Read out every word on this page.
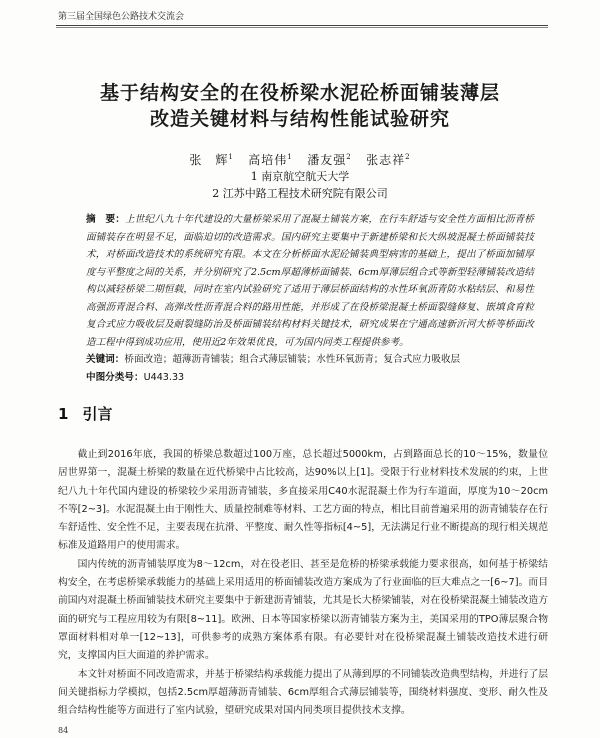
第三届全国绿色公路技术交流会
基于结构安全的在役桥梁水泥砼桥面铺装薄层
改造关键材料与结构性能试验研究
张　辉$^1$ 高培伟$^1$ 潘友强$^2$ 张志祥$^2$
1 南京航空航天大学
2 江苏中路工程技术研究院有限公司
摘　要：上世纪八九十年代建设的大量桥梁采用了混凝土铺装方案，在行车舒适与安全性方面相比沥青桥面铺装存在明显不足，面临迫切的改造需求。国内研究主要集中于新建桥梁和长大纵坡混凝土桥面铺装技术，对桥面改造技术的系统研究有限。本文在分析桥面水泥砼铺装典型病害的基础上，提出了桥面加铺厚度与平整度之间的关系，并分别研究了2.5cm厚超薄桥面铺装、6cm厚薄层组合式等新型轻薄铺装改造结构以减轻桥梁二期恒载，同时在室内试验研究了适用于薄层桥面结构的水性环氧沥青防水粘结层、和易性高强沥青混合料、高弹改性沥青混合料的路用性能，并形成了在役桥梁混凝土桥面裂缝修复、嵌填食育粒复合式应力吸收层及耐裂缝防治及桥面铺装结构材料关键技术，研究成果在宁通高速新沂河大桥等桥面改造工程中得到成功应用，使用近2年效果优良，可为国内同类工程提供参考。
关键词：桥面改造；超薄沥青铺装；组合式薄层铺装；水性环氧沥青；复合式应力吸收层
中图分类号：U443.33
1 引言

截止到2016年底，我国的桥梁总数超过100万座，总长超过5000km，占到路面总长的10～15%，数量位居世界第一，混凝土桥梁的数量在近代桥梁中占比较高，达90%以上[1]。受限于行业材料技术发展的约束，上世纪八九十年代国内建设的桥梁较少采用沥青铺装，多直接采用C40水泥混凝土作为行车道面，厚度为10～20cm不等[2~3]。水泥混凝土由于刚性大、质量控制难等材料、工艺方面的特点，相比目前普遍采用的沥青铺装存在行车舒适性、安全性不足，主要表现在抗滑、平整度、耐久性等指标[4~5]，无法满足行业不断提高的现行相关规范标准及道路用户的使用需求。

国内传统的沥青铺装厚度为8～12cm，对在役老旧、甚至是危桥的桥梁承载能力要求很高，如何基于桥梁结构安全，在考虑桥梁承载能力的基础上采用适用的桥面铺装改造方案成为了行业面临的巨大难点之一[6~7]。而目前国内对混凝土桥面铺装技术研究主要集中于新建沥青铺装，尤其是长大桥梁铺装，对在役桥梁混凝土铺装改造方面的研究与工程应用较为有限[8~11]。欧洲、日本等国家桥梁以沥青铺装方案为主，美国采用的TPO薄层聚合物罩面材料相对单一[12~13]，可供参考的成熟方案体系有限。有必要针对在役桥梁混凝土铺装改造技术进行研究，支撑国内巨大面道的养护需求。

本文针对桥面不同改造需求，并基于桥梁结构承载能力提出了从薄到厚的不同铺装改造典型结构，并进行了层间关键指标力学模拟，包括2.5cm厚超薄沥青铺装、6cm厚组合式薄层铺装等，围绕材料强度、变形、耐久性及组合结构性能等方面进行了室内试验，望研究成果对国内同类项目提供技术支撑。

84
